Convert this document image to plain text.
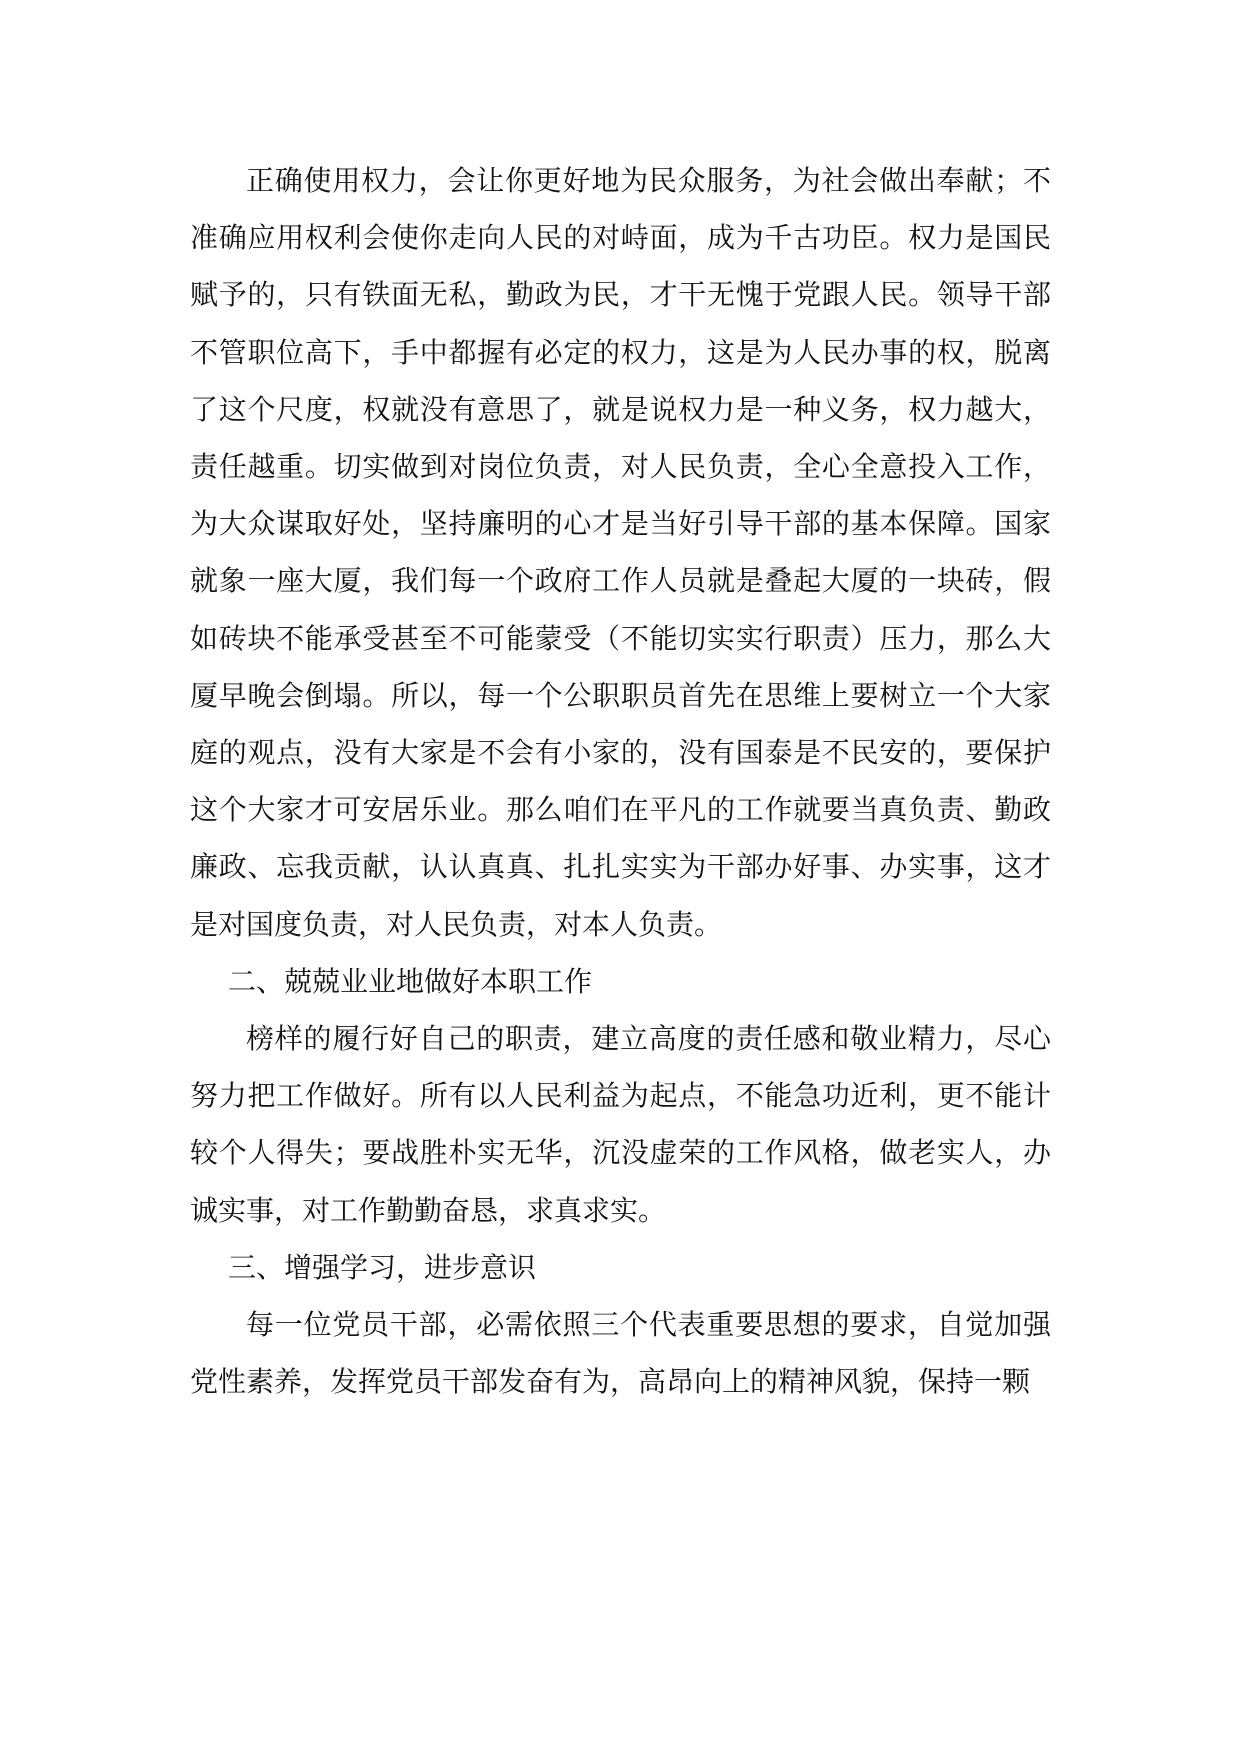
正确使用权力，会让你更好地为民众服务，为社会做出奉献；不准确应用权利会使你走向人民的对峙面，成为千古功臣。权力是国民赋予的，只有铁面无私，勤政为民，才干无愧于党跟人民。领导干部不管职位高下，手中都握有必定的权力，这是为人民办事的权，脱离了这个尺度，权就没有意思了，就是说权力是一种义务，权力越大，责任越重。切实做到对岗位负责，对人民负责，全心全意投入工作，为大众谋取好处，坚持廉明的心才是当好引导干部的基本保障。国家就象一座大厦，我们每一个政府工作人员就是叠起大厦的一块砖，假如砖块不能承受甚至不可能蒙受（不能切实实行职责）压力，那么大厦早晚会倒塌。所以，每一个公职职员首先在思维上要树立一个大家庭的观点，没有大家是不会有小家的，没有国泰是不民安的，要保护这个大家才可安居乐业。那么咱们在平凡的工作就要当真负责、勤政廉政、忘我贡献，认认真真、扎扎实实为干部办好事、办实事，这才是对国度负责，对人民负责，对本人负责。

二、兢兢业业地做好本职工作

榜样的履行好自己的职责，建立高度的责任感和敬业精力，尽心努力把工作做好。所有以人民利益为起点，不能急功近利，更不能计较个人得失；要战胜朴实无华，沉没虚荣的工作风格，做老实人，办诚实事，对工作勤勤奋恳，求真求实。

三、增强学习，进步意识

每一位党员干部，必需依照三个代表重要思想的要求，自觉加强党性素养，发挥党员干部发奋有为，高昂向上的精神风貌，保持一颗
